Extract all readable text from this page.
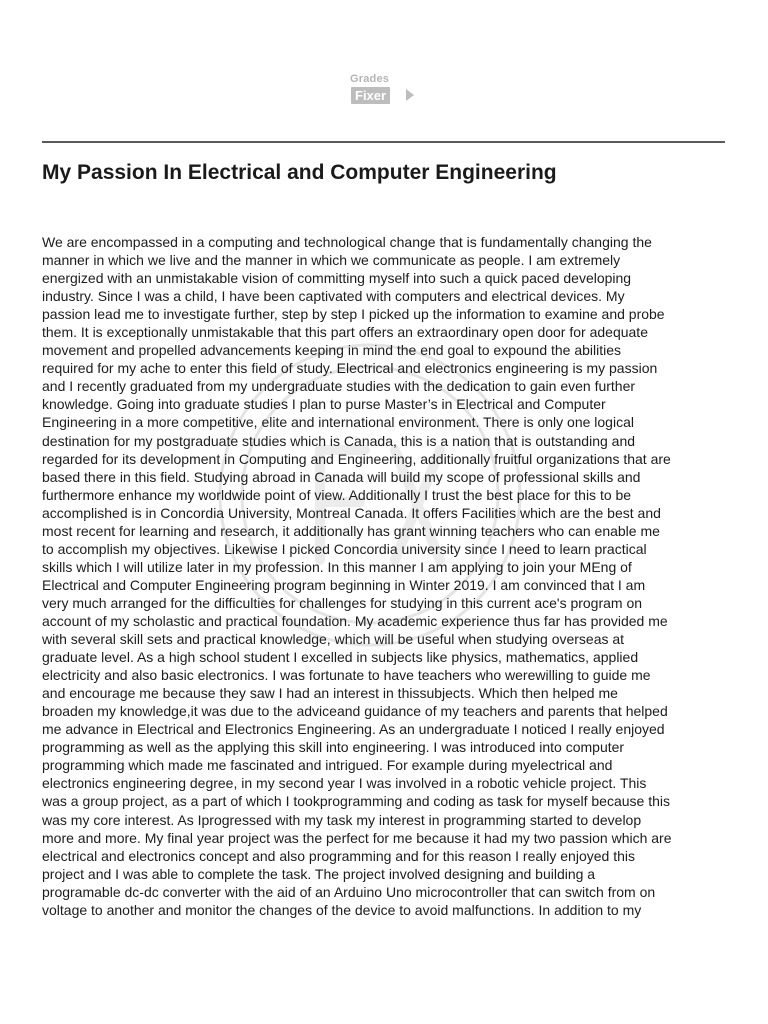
Grades
Fixer
My Passion In Electrical and Computer Engineering
We are encompassed in a computing and technological change that is fundamentally changing the
manner in which we live and the manner in which we communicate as people. I am extremely
energized with an unmistakable vision of committing myself into such a quick paced developing
industry. Since I was a child, I have been captivated with computers and electrical devices. My
passion lead me to investigate further, step by step I picked up the information to examine and probe
them. It is exceptionally unmistakable that this part offers an extraordinary open door for adequate
movement and propelled advancements keeping in mind the end goal to expound the abilities
required for my ache to enter this field of study. Electrical and electronics engineering is my passion
and I recently graduated from my undergraduate studies with the dedication to gain even further
knowledge. Going into graduate studies I plan to purse Master’s in Electrical and Computer
Engineering in a more competitive, elite and international environment. There is only one logical
destination for my postgraduate studies which is Canada, this is a nation that is outstanding and
regarded for its development in Computing and Engineering, additionally fruitful organizations that are
based there in this field. Studying abroad in Canada will build my scope of professional skills and
furthermore enhance my worldwide point of view. Additionally I trust the best place for this to be
accomplished is in Concordia University, Montreal Canada. It offers Facilities which are the best and
most recent for learning and research, it additionally has grant winning teachers who can enable me
to accomplish my objectives. Likewise I picked Concordia university since I need to learn practical
skills which I will utilize later in my profession. In this manner I am applying to join your MEng of
Electrical and Computer Engineering program beginning in Winter 2019. I am convinced that I am
very much arranged for the difficulties for challenges for studying in this current ace's program on
account of my scholastic and practical foundation. My academic experience thus far has provided me
with several skill sets and practical knowledge, which will be useful when studying overseas at
graduate level. As a high school student I excelled in subjects like physics, mathematics, applied
electricity and also basic electronics. I was fortunate to have teachers who werewilling to guide me
and encourage me because they saw I had an interest in thissubjects. Which then helped me
broaden my knowledge,it was due to the adviceand guidance of my teachers and parents that helped
me advance in Electrical and Electronics Engineering. As an undergraduate I noticed I really enjoyed
programming as well as the applying this skill into engineering. I was introduced into computer
programming which made me fascinated and intrigued. For example during myelectrical and
electronics engineering degree, in my second year I was involved in a robotic vehicle project. This
was a group project, as a part of which I tookprogramming and coding as task for myself because this
was my core interest. As Iprogressed with my task my interest in programming started to develop
more and more. My final year project was the perfect for me because it had my two passion which are
electrical and electronics concept and also programming and for this reason I really enjoyed this
project and I was able to complete the task. The project involved designing and building a
programable dc-dc converter with the aid of an Arduino Uno microcontroller that can switch from on
voltage to another and monitor the changes of the device to avoid malfunctions. In addition to my
